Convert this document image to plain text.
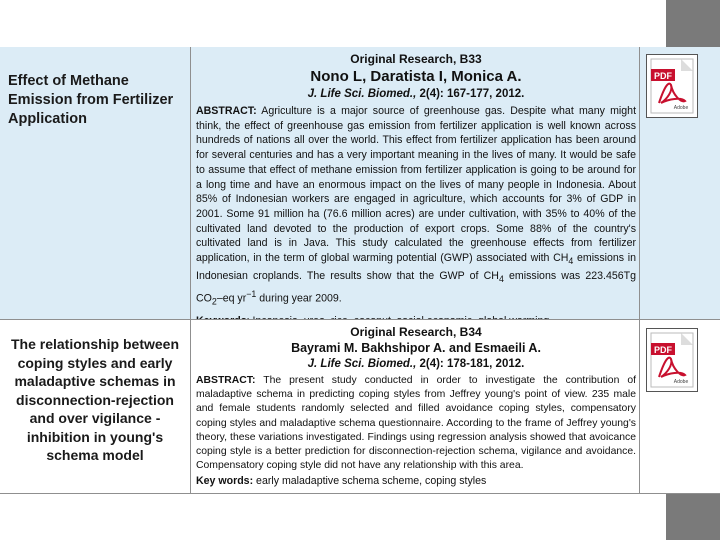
Effect of Methane Emission from Fertilizer Application
Original Research, B33
Nono L, Daratista I, Monica A.
J. Life Sci. Biomed., 2(4): 167-177, 2012.
ABSTRACT: Agriculture is a major source of greenhouse gas. Despite what many might think, the effect of greenhouse gas emission from fertilizer application is well known across hundreds of nations all over the world. This effect from fertilizer application has been around for several centuries and has a very important meaning in the lives of many. It would be safe to assume that effect of methane emission from fertilizer application is going to be around for a long time and have an enormous impact on the lives of many people in Indonesia. About 85% of Indonesian workers are engaged in agriculture, which accounts for 3% of GDP in 2001. Some 91 million ha (76.6 million acres) are under cultivation, with 35% to 40% of the cultivated land devoted to the production of export crops. Some 88% of the country's cultivated land is in Java. This study calculated the greenhouse effects from fertilizer application, in the term of global warming potential (GWP) associated with $CH_4$ emissions in Indonesian croplands. The results show that the GWP of $CH_4$ emissions was 223.456Tg $CO_2-eq$ $yr^{-1}$ during year 2009.
PDF
Adobe
The relationship between coping styles and early maladaptive schemas in disconnection-rejection and over vigilance - inhibition in young's schema model
Original Research, B34
Bayrami M. Bakhshipor A. and Esmaeili A.
J. Life Sci. Biomed., 2(4): 178-181, 2012.
ABSTRACT: The present study conducted in order to investigate the contribution of maladaptive schema in predicting coping styles from Jeffrey young's point of view. 235 male and female students randomly selected and filled avoidance coping styles, compensatory coping styles and maladaptive schema questionnaire. According to the frame of Jeffrey young's theory, these variations investigated. Findings using regression analysis showed that avoicance coping style is a better prediction for disconnection-rejection schema, vigilance and avoidance. Compensatory coping style did not have any relationship with this area.
Key words: early maladaptive schema scheme, coping styles
PDF
Adobe
